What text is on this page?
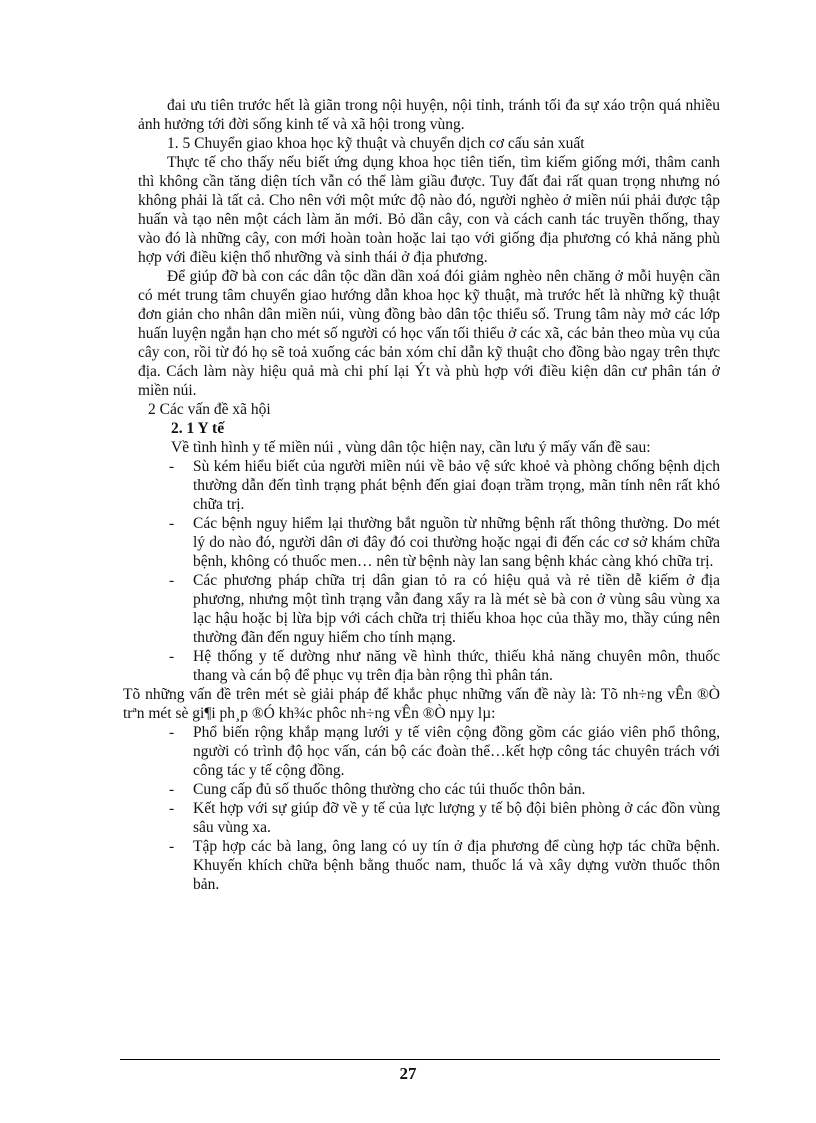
đai ưu tiên trước hết là giãn trong nội huyện, nội tỉnh, tránh tối đa sự xáo trộn quá nhiều ảnh hưởng tới đời sống kinh tế và xã hội trong vùng.

1. 5 Chuyển giao khoa học kỹ thuật và chuyển dịch cơ cấu sản xuất

Thực tế cho thấy nếu biết ứng dụng khoa học tiên tiến, tìm kiếm giống mới, thâm canh thì không cần tăng diện tích vẫn có thể làm giầu được. Tuy đất đai rất quan trọng nhưng nó không phải là tất cả. Cho nên với một mức độ nào đó, người nghèo ở miền núi phải được tập huấn và tạo nên một cách làm ăn mới. Bỏ dần cây, con và cách canh tác truyền thống, thay vào đó là những cây, con mới hoàn toàn hoặc lai tạo với giống địa phương có khả năng phù hợp với điều kiện thổ nhưỡng và sinh thái ở địa phương.

Để giúp đỡ bà con các dân tộc dần dần xoá đói giảm nghèo nên chăng ở mỗi huyện cần có mét trung tâm chuyển giao hướng dẫn khoa học kỹ thuật, mà trước hết là những kỹ thuật đơn giản cho nhân dân miền núi, vùng đồng bào dân tộc thiểu số. Trung tâm này mở các lớp huấn luyện ngắn hạn cho mét số người có học vấn tối thiểu ở các xã, các bản theo mùa vụ của cây con, rồi từ đó họ sẽ toả xuống các bản xóm chỉ dẫn kỹ thuật cho đồng bào ngay trên thực địa. Cách làm này hiệu quả mà chi phí lại Ýt và phù hợp với điều kiện dân cư phân tán ở miền núi.

2 Các vấn đề xã hội

2. 1 Y tế

Về tình hình y tế miền núi , vùng dân tộc hiện nay, cần lưu ý mấy vấn đề sau:

- Sù kém hiểu biết của người miền núi về bảo vệ sức khoẻ và phòng chống bệnh dịch thường dẫn đến tình trạng phát bệnh đến giai đoạn trầm trọng, mãn tính nên rất khó chữa trị.
- Các bệnh nguy hiểm lại thường bắt nguồn từ những bệnh rất thông thường. Do mét lý do nào đó, người dân ơi đây đó coi thường hoặc ngại đi đến các cơ sở khám chữa bệnh, không có thuốc men… nên từ bệnh này lan sang bệnh khác càng khó chữa trị.
- Các phương pháp chữa trị dân gian tỏ ra có hiệu quả và rẻ tiền dễ kiếm ở địa phương, nhưng một tình trạng vẫn đang xẩy ra là mét sè bà con ở vùng sâu vùng xa lạc hậu hoặc bị lừa bịp với cách chữa trị thiếu khoa học của thầy mo, thầy cúng nên thường đãn đến nguy hiểm cho tính mạng.
- Hệ thống y tế dường như năng về hình thức, thiếu khả năng chuyên môn, thuốc thang và cán bộ để phục vụ trên địa bàn rộng thì phân tán.

Tõ những vấn đề trên mét sè giải pháp để khắc phục những vấn đề này là: Tõ nh÷ng vÊn ®Ò trªn mét sè gi¶i ph¸p ®Ó kh¾c phôc nh÷ng vÊn ®Ò nµy lµ:

- Phổ biến rộng khắp mạng lưới y tế viên cộng đồng gồm các giáo viên phổ thông, người có trình độ học vấn, cán bộ các đoàn thể…kết hợp công tác chuyên trách với công tác y tế cộng đồng.
- Cung cấp đủ số thuốc thông thường cho các túi thuốc thôn bản.
- Kết hợp với sự giúp đỡ về y tế của lực lượng y tế bộ đội biên phòng ở các đồn vùng sâu vùng xa.
- Tập hợp các bà lang, ông lang có uy tín ở địa phương để cùng hợp tác chữa bệnh. Khuyến khích chữa bệnh bằng thuốc nam, thuốc lá và xây dựng vườn thuốc thôn bản.
27
